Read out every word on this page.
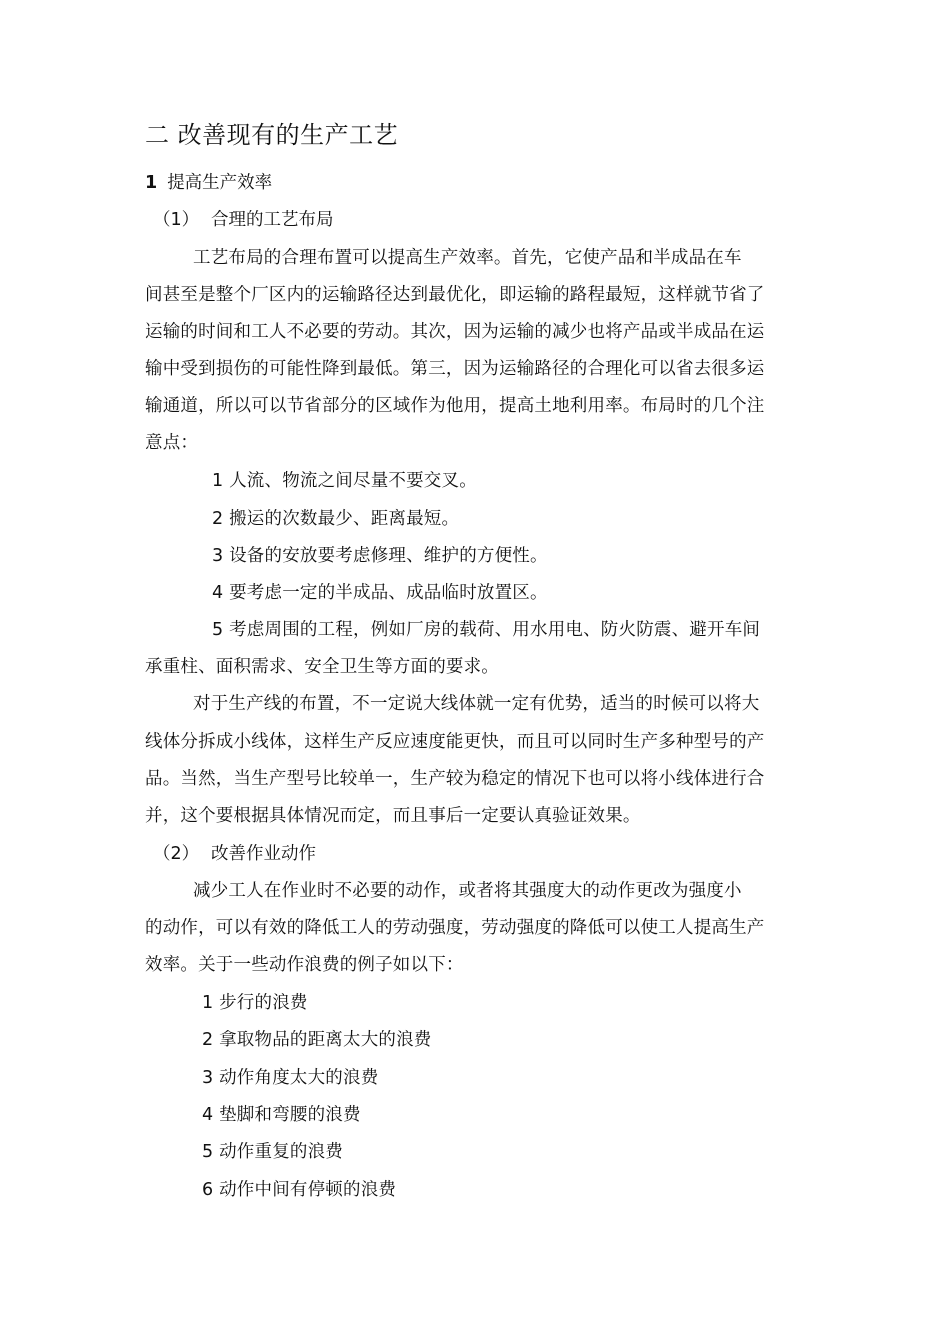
二 改善现有的生产工艺
1 提高生产效率
（1） 合理的工艺布局
工艺布局的合理布置可以提高生产效率。首先，它使产品和半成品在车
间甚至是整个厂区内的运输路径达到最优化，即运输的路程最短，这样就节省了
运输的时间和工人不必要的劳动。其次，因为运输的减少也将产品或半成品在运
输中受到损伤的可能性降到最低。第三，因为运输路径的合理化可以省去很多运
输通道，所以可以节省部分的区域作为他用，提高土地利用率。布局时的几个注
意点：
1 人流、物流之间尽量不要交叉。
2 搬运的次数最少、距离最短。
3 设备的安放要考虑修理、维护的方便性。
4 要考虑一定的半成品、成品临时放置区。
5 考虑周围的工程，例如厂房的载荷、用水用电、防火防震、避开车间
承重柱、面积需求、安全卫生等方面的要求。
对于生产线的布置，不一定说大线体就一定有优势，适当的时候可以将大
线体分拆成小线体，这样生产反应速度能更快，而且可以同时生产多种型号的产
品。当然，当生产型号比较单一，生产较为稳定的情况下也可以将小线体进行合
并，这个要根据具体情况而定，而且事后一定要认真验证效果。
（2） 改善作业动作
减少工人在作业时不必要的动作，或者将其强度大的动作更改为强度小
的动作，可以有效的降低工人的劳动强度，劳动强度的降低可以使工人提高生产
效率。关于一些动作浪费的例子如以下：
1 步行的浪费
2 拿取物品的距离太大的浪费
3 动作角度太大的浪费
4 垫脚和弯腰的浪费
5 动作重复的浪费
6 动作中间有停顿的浪费
